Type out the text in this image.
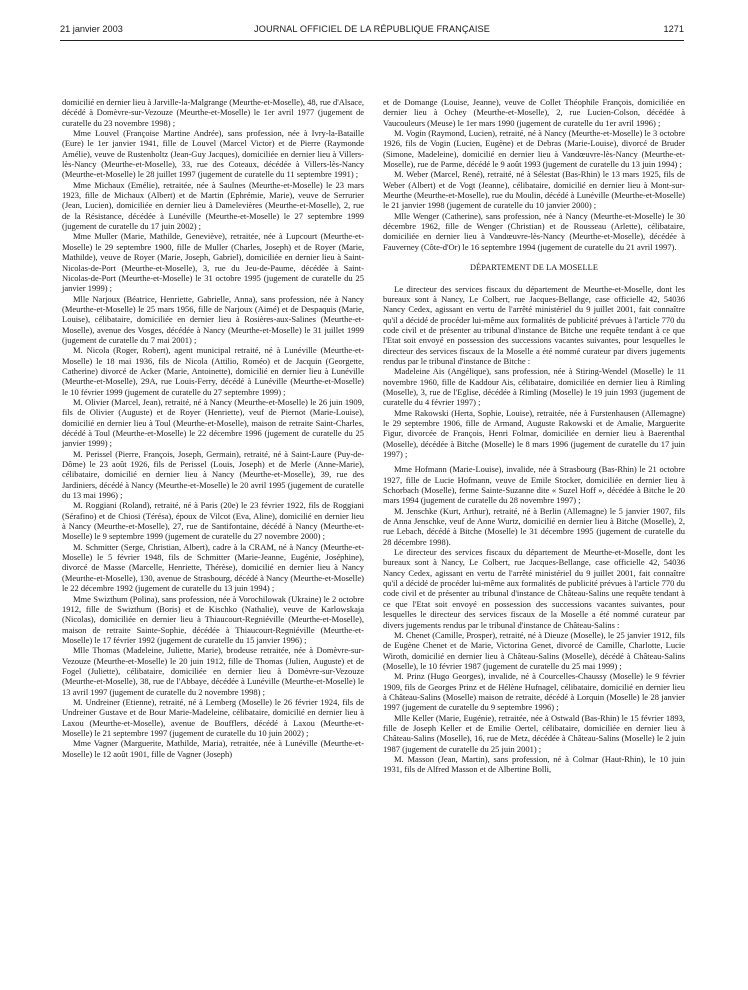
21 janvier 2003	JOURNAL OFFICIEL DE LA RÉPUBLIQUE FRANÇAISE	1271

domicilié en dernier lieu à Jarville-la-Malgrange (Meurthe-et-Moselle), 48, rue d'Alsace, décédé à Domèvre-sur-Vezouze (Meurthe-et-Moselle) le 1er avril 1977 (jugement de curatelle du 23 novembre 1998) ;

Mme Louvel (Françoise Martine Andrée), sans profession, née à Ivry-la-Bataille (Eure) le 1er janvier 1941, fille de Louvel (Marcel Victor) et de Pierre (Raymonde Amélie), veuve de Rustenholtz (Jean-Guy Jacques), domiciliée en dernier lieu à Villers-lès-Nancy (Meurthe-et-Moselle), 33, rue des Coteaux, décédée à Villers-lès-Nancy (Meurthe-et-Moselle) le 28 juillet 1997 (jugement de curatelle du 11 septembre 1991) ;

Mme Michaux (Emélie), retraitée, née à Saulnes (Meurthe-et-Moselle) le 23 mars 1923, fille de Michaux (Albert) et de Martin (Ephrémie, Marie), veuve de Serrurier (Jean, Lucien), domiciliée en dernier lieu à Damelevières (Meurthe-et-Moselle), 2, rue de la Résistance, décédée à Lunéville (Meurthe-et-Moselle) le 27 septembre 1999 (jugement de curatelle du 17 juin 2002) ;

Mme Muller (Marie, Mathilde, Geneviève), retraitée, née à Lupcourt (Meurthe-et-Moselle) le 29 septembre 1900, fille de Muller (Charles, Joseph) et de Royer (Marie, Mathilde), veuve de Royer (Marie, Joseph, Gabriel), domiciliée en dernier lieu à Saint-Nicolas-de-Port (Meurthe-et-Moselle), 3, rue du Jeu-de-Paume, décédée à Saint-Nicolas-de-Port (Meurthe-et-Moselle) le 31 octobre 1995 (jugement de curatelle du 25 janvier 1999) ;

Mlle Narjoux (Béatrice, Henriette, Gabrielle, Anna), sans profession, née à Nancy (Meurthe-et-Moselle) le 25 mars 1956, fille de Narjoux (Aimé) et de Despaquis (Marie, Louise), célibataire, domiciliée en dernier lieu à Rosières-aux-Salines (Meurthe-et-Moselle), avenue des Vosges, décédée à Nancy (Meurthe-et-Moselle) le 31 juillet 1999 (jugement de curatelle du 7 mai 2001) ;

M. Nicola (Roger, Robert), agent municipal retraité, né à Lunéville (Meurthe-et-Moselle) le 18 mai 1936, fils de Nicola (Attilio, Roméo) et de Jacquin (Georgette, Catherine) divorcé de Acker (Marie, Antoinette), domicilié en dernier lieu à Lunéville (Meurthe-et-Moselle), 29A, rue Louis-Ferry, décédé à Lunéville (Meurthe-et-Moselle) le 10 février 1999 (jugement de curatelle du 27 septembre 1999) ;

M. Olivier (Marcel, Jean), retraité, né à Nancy (Meurthe-et-Moselle) le 26 juin 1909, fils de Olivier (Auguste) et de Royer (Henriette), veuf de Piernot (Marie-Louise), domicilié en dernier lieu à Toul (Meurthe-et-Moselle), maison de retraite Saint-Charles, décédé à Toul (Meurthe-et-Moselle) le 22 décembre 1996 (jugement de curatelle du 25 janvier 1999) ;

M. Perissel (Pierre, François, Joseph, Germain), retraité, né à Saint-Laure (Puy-de-Dôme) le 23 août 1926, fils de Perissel (Louis, Joseph) et de Merle (Anne-Marie), célibataire, domicilié en dernier lieu à Nancy (Meurthe-et-Moselle), 39, rue des Jardiniers, décédé à Nancy (Meurthe-et-Moselle) le 20 avril 1995 (jugement de curatelle du 13 mai 1996) ;

M. Roggiani (Roland), retraité, né à Paris (20e) le 23 février 1922, fils de Roggiani (Sérafino) et de Chiosi (Térésa), époux de Vilcot (Eva, Aline), domicilié en dernier lieu à Nancy (Meurthe-et-Moselle), 27, rue de Santifontaine, décédé à Nancy (Meurthe-et-Moselle) le 9 septembre 1999 (jugement de curatelle du 27 novembre 2000) ;

M. Schmitter (Serge, Christian, Albert), cadre à la CRAM, né à Nancy (Meurthe-et-Moselle) le 5 février 1948, fils de Schmitter (Marie-Jeanne, Eugénie, Joséphine), divorcé de Masse (Marcelle, Henriette, Thérèse), domicilié en dernier lieu à Nancy (Meurthe-et-Moselle), 130, avenue de Strasbourg, décédé à Nancy (Meurthe-et-Moselle) le 22 décembre 1992 (jugement de curatelle du 13 juin 1994) ;

Mme Swizthum (Polina), sans profession, née à Vorochilowak (Ukraine) le 2 octobre 1912, fille de Swizthum (Boris) et de Kischko (Nathalie), veuve de Karlowskaja (Nicolas), domiciliée en dernier lieu à Thiaucourt-Regniéville (Meurthe-et-Moselle), maison de retraite Sainte-Sophie, décédée à Thiaucourt-Regniéville (Meurthe-et-Moselle) le 17 février 1992 (jugement de curatelle du 15 janvier 1996) ;

Mlle Thomas (Madeleine, Juliette, Marie), brodeuse retraitée, née à Domèvre-sur-Vezouze (Meurthe-et-Moselle) le 20 juin 1912, fille de Thomas (Julien, Auguste) et de Fogel (Juliette), célibataire, domiciliée en dernier lieu à Domèvre-sur-Vezouze (Meurthe-et-Moselle), 38, rue de l'Abbaye, décédée à Lunéville (Meurthe-et-Moselle) le 13 avril 1997 (jugement de curatelle du 2 novembre 1998) ;

M. Undreiner (Etienne), retraité, né à Lemberg (Moselle) le 26 février 1924, fils de Undreiner Gustave et de Bour Marie-Madeleine, célibataire, domicilié en dernier lieu à Laxou (Meurthe-et-Moselle), avenue de Boufflers, décédé à Laxou (Meurthe-et-Moselle) le 21 septembre 1997 (jugement de curatelle du 10 juin 2002) ;

Mme Vagner (Marguerite, Mathilde, Maria), retraitée, née à Lunéville (Meurthe-et-Moselle) le 12 août 1901, fille de Vagner (Joseph)

et de Domange (Louise, Jeanne), veuve de Collet Théophile François, domiciliée en dernier lieu à Ochey (Meurthe-et-Moselle), 2, rue Lucien-Colson, décédée à Vaucouleurs (Meuse) le 1er mars 1990 (jugement de curatelle du 1er avril 1996) ;

M. Vogin (Raymond, Lucien), retraité, né à Nancy (Meurthe-et-Moselle) le 3 octobre 1926, fils de Vogin (Lucien, Eugène) et de Debras (Marie-Louise), divorcé de Bruder (Simone, Madeleine), domicilié en dernier lieu à Vandœuvre-lès-Nancy (Meurthe-et-Moselle), rue de Parme, décédé le 9 août 1993 (jugement de curatelle du 13 juin 1994) ;

M. Weber (Marcel, René), retraité, né à Sélestat (Bas-Rhin) le 13 mars 1925, fils de Weber (Albert) et de Vogt (Jeanne), célibataire, domicilié en dernier lieu à Mont-sur-Meurthe (Meurthe-et-Moselle), rue du Moulin, décédé à Lunéville (Meurthe-et-Moselle) le 21 janvier 1998 (jugement de curatelle du 10 janvier 2000) ;

Mlle Wenger (Catherine), sans profession, née à Nancy (Meurthe-et-Moselle) le 30 décembre 1962, fille de Wenger (Christian) et de Rousseau (Arlette), célibataire, domiciliée en dernier lieu à Vandœuvre-lès-Nancy (Meurthe-et-Moselle), décédée à Fauverney (Côte-d'Or) le 16 septembre 1994 (jugement de curatelle du 21 avril 1997).

DÉPARTEMENT DE LA MOSELLE

Le directeur des services fiscaux du département de Meurthe-et-Moselle, dont les bureaux sont à Nancy, Le Colbert, rue Jacques-Bellange, case officielle 42, 54036 Nancy Cedex, agissant en vertu de l'arrêté ministériel du 9 juillet 2001, fait connaître qu'il a décidé de procéder lui-même aux formalités de publicité prévues à l'article 770 du code civil et de présenter au tribunal d'instance de Bitche une requête tendant à ce que l'Etat soit envoyé en possession des successions vacantes suivantes, pour lesquelles le directeur des services fiscaux de la Moselle a été nommé curateur par divers jugements rendus par le tribunal d'instance de Bitche :

Madeleine Ais (Angélique), sans profession, née à Stiring-Wendel (Moselle) le 11 novembre 1960, fille de Kaddour Ais, célibataire, domiciliée en dernier lieu à Rimling (Moselle), 3, rue de l'Eglise, décédée à Rimling (Moselle) le 19 juin 1993 (jugement de curatelle du 4 février 1997) ;

Mme Rakowski (Herta, Sophie, Louise), retraitée, née à Furstenhausen (Allemagne) le 29 septembre 1906, fille de Armand, Auguste Rakowski et de Amalie, Marguerite Figur, divorcée de François, Henri Folmar, domiciliée en dernier lieu à Baerenthal (Moselle), décédée à Bitche (Moselle) le 8 mars 1996 (jugement de curatelle du 17 juin 1997) ;

Mme Hofmann (Marie-Louise), invalide, née à Strasbourg (Bas-Rhin) le 21 octobre 1927, fille de Lucie Hofmann, veuve de Emile Stocker, domiciliée en dernier lieu à Schorbach (Moselle), ferme Sainte-Suzanne dite « Suzel Hoff », décédée à Bitche le 20 mars 1994 (jugement de curatelle du 28 novembre 1997) ;

M. Jenschke (Kurt, Arthur), retraité, né à Berlin (Allemagne) le 5 janvier 1907, fils de Anna Jenschke, veuf de Anne Wurtz, domicilié en dernier lieu à Bitche (Moselle), 2, rue Lebach, décédé à Bitche (Moselle) le 31 décembre 1995 (jugement de curatelle du 28 décembre 1998).

Le directeur des services fiscaux du département de Meurthe-et-Moselle, dont les bureaux sont à Nancy, Le Colbert, rue Jacques-Bellange, case officielle 42, 54036 Nancy Cedex, agissant en vertu de l'arrêté ministériel du 9 juillet 2001, fait connaître qu'il a décidé de procéder lui-même aux formalités de publicité prévues à l'article 770 du code civil et de présenter au tribunal d'instance de Château-Salins une requête tendant à ce que l'Etat soit envoyé en possession des successions vacantes suivantes, pour lesquelles le directeur des services fiscaux de la Moselle a été nommé curateur par divers jugements rendus par le tribunal d'instance de Château-Salins :

M. Chenet (Camille, Prosper), retraité, né à Dieuze (Moselle), le 25 janvier 1912, fils de Eugène Chenet et de Marie, Victorina Genet, divorcé de Camille, Charlotte, Lucie Wiroth, domicilié en dernier lieu à Château-Salins (Moselle), décédé à Château-Salins (Moselle), le 10 février 1987 (jugement de curatelle du 25 mai 1999) ;

M. Prinz (Hugo Georges), invalide, né à Courcelles-Chaussy (Moselle) le 9 février 1909, fils de Georges Prinz et de Hélène Hufnagel, célibataire, domicilié en dernier lieu à Château-Salins (Moselle) maison de retraite, décédé à Lorquin (Moselle) le 28 janvier 1997 (jugement de curatelle du 9 septembre 1996) ;

Mlle Keller (Marie, Eugénie), retraitée, née à Ostwald (Bas-Rhin) le 15 février 1893, fille de Joseph Keller et de Emilie Oertel, célibataire, domiciliée en dernier lieu à Château-Salins (Moselle), 16, rue de Metz, décédée à Château-Salins (Moselle) le 2 juin 1987 (jugement de curatelle du 25 juin 2001) ;

M. Masson (Jean, Martin), sans profession, né à Colmar (Haut-Rhin), le 10 juin 1931, fils de Alfred Masson et de Albertine Bolli,
